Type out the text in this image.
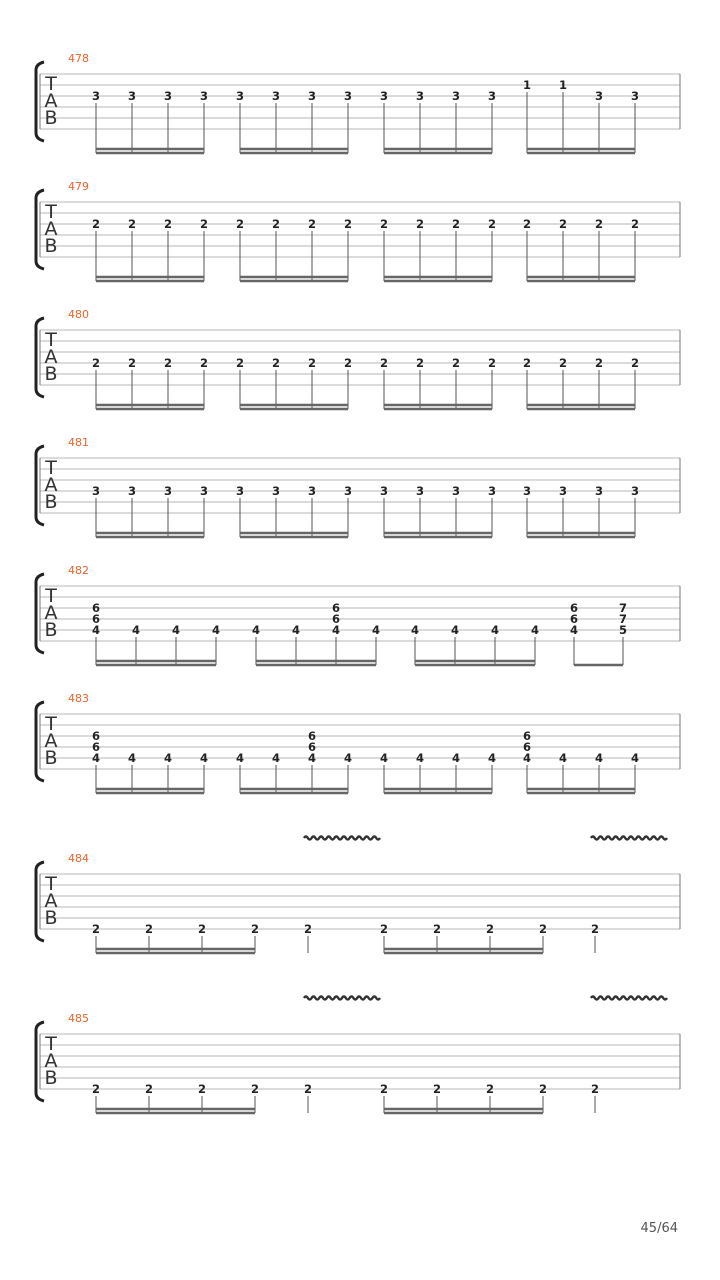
T
A
B
478
3 3 3 3 3 3 3 3 3 3 3 3
1 1
3 3
T
A
B
479
2 2 2 2 2 2 2 2 2 2 2 2 2 2 2 2
T
A
B
480
2 2 2 2 2 2 2 2 2 2 2 2 2 2 2 2
T
A
B
481
3 3 3 3 3 3 3 3 3 3 3 3 3 3 3 3
T
A
B
482
6
6
4	4	4	4	4	4
6
6
4	4	4	4	4	4
6
6
4
7
7
5
T
A
B
483
6
6
4 4 4 4 4 4
6
6
4 4 4 4 4 4
6
6
4 4 4 4
T
A
B
484
2	2	2	2	2	2	2	2	2	2
T
A
B
485
2	2	2	2	2	2	2	2	2	2
45/64
